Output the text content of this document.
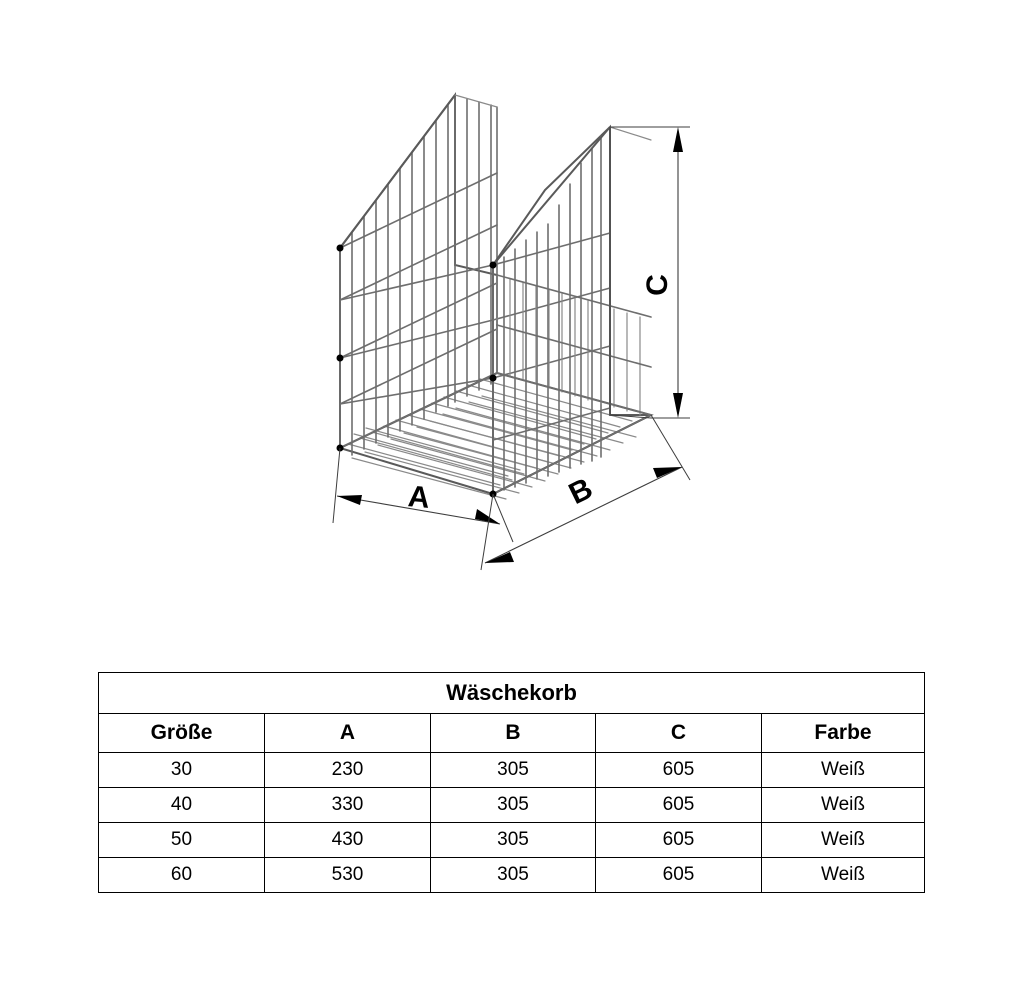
C
A	B
Wäschekorb				
Größe	A	B	C	Farbe
30	230	305	605	Weiß
40	330	305	605	Weiß
50	430	305	605	Weiß
60	530	305	605	Weiß
